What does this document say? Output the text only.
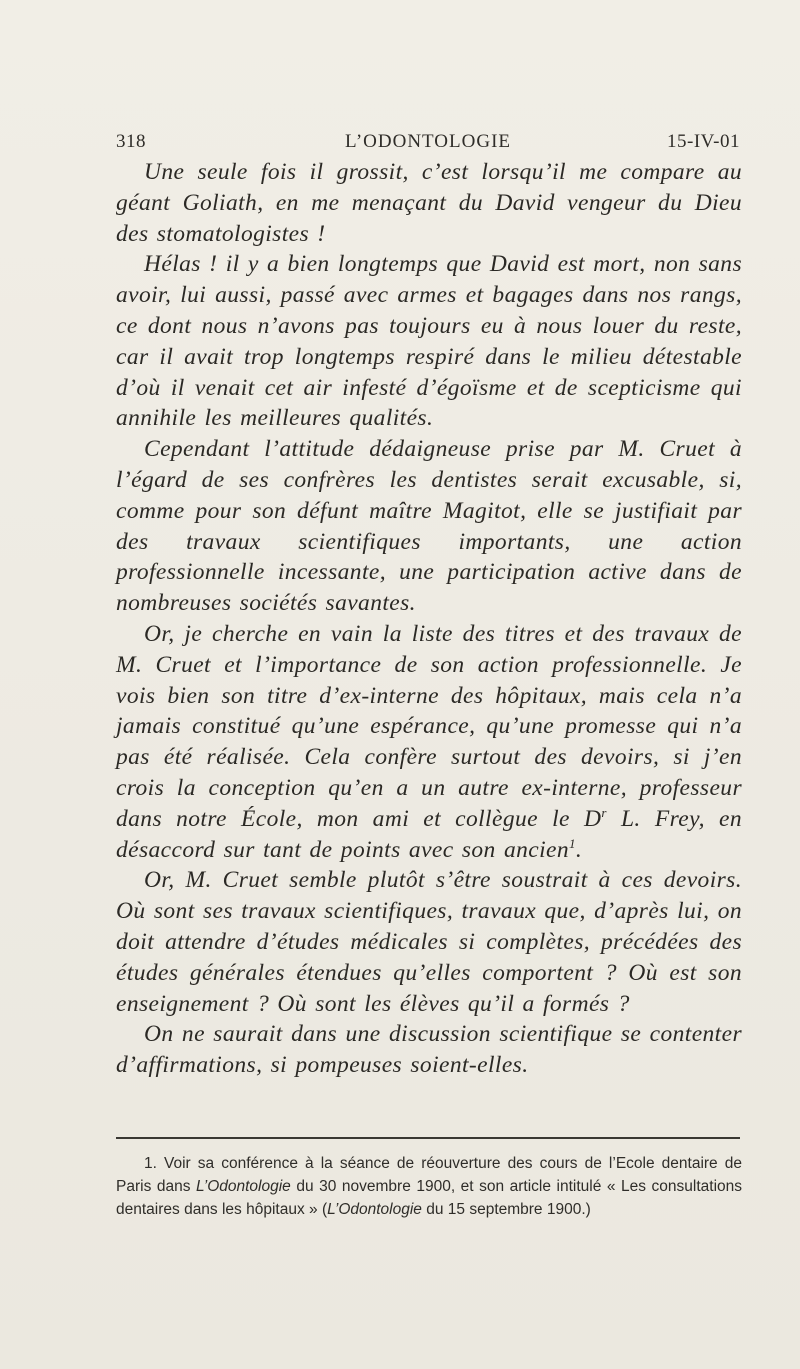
318	L’ODONTOLOGIE	15-IV-01

Une seule fois il grossit, c’est lorsqu’il me compare au géant Goliath, en me menaçant du David vengeur du Dieu des stomatologistes !

Hélas ! il y a bien longtemps que David est mort, non sans avoir, lui aussi, passé avec armes et bagages dans nos rangs, ce dont nous n’avons pas toujours eu à nous louer du reste, car il avait trop longtemps respiré dans le milieu détestable d’où il venait cet air infesté d’égoïsme et de scepticisme qui annihile les meilleures qualités.

Cependant l’attitude dédaigneuse prise par M. Cruet à l’égard de ses confrères les dentistes serait excusable, si, comme pour son défunt maître Magitot, elle se justifiait par des travaux scientifiques importants, une action professionnelle incessante, une participation active dans de nombreuses sociétés savantes.

Or, je cherche en vain la liste des titres et des travaux de M. Cruet et l’importance de son action professionnelle. Je vois bien son titre d’ex-interne des hôpitaux, mais cela n’a jamais constitué qu’une espérance, qu’une promesse qui n’a pas été réalisée. Cela confère surtout des devoirs, si j’en crois la conception qu’en a un autre ex-interne, professeur dans notre École, mon ami et collègue le $D^r$ L. Frey, en désaccord sur tant de points avec son ancien$^1$.

Or, M. Cruet semble plutôt s’être soustrait à ces devoirs. Où sont ses travaux scientifiques, travaux que, d’après lui, on doit attendre d’études médicales si complètes, précédées des études générales étendues qu’elles comportent ? Où est son enseignement ? Où sont les élèves qu’il a formés ?

On ne saurait dans une discussion scientifique se contenter d’affirmations, si pompeuses soient-elles.

1. Voir sa conférence à la séance de réouverture des cours de l’Ecole dentaire de Paris dans L’Odontologie du 30 novembre 1900, et son article intitulé « Les consultations dentaires dans les hôpitaux » (L’Odontologie du 15 septembre 1900.)
